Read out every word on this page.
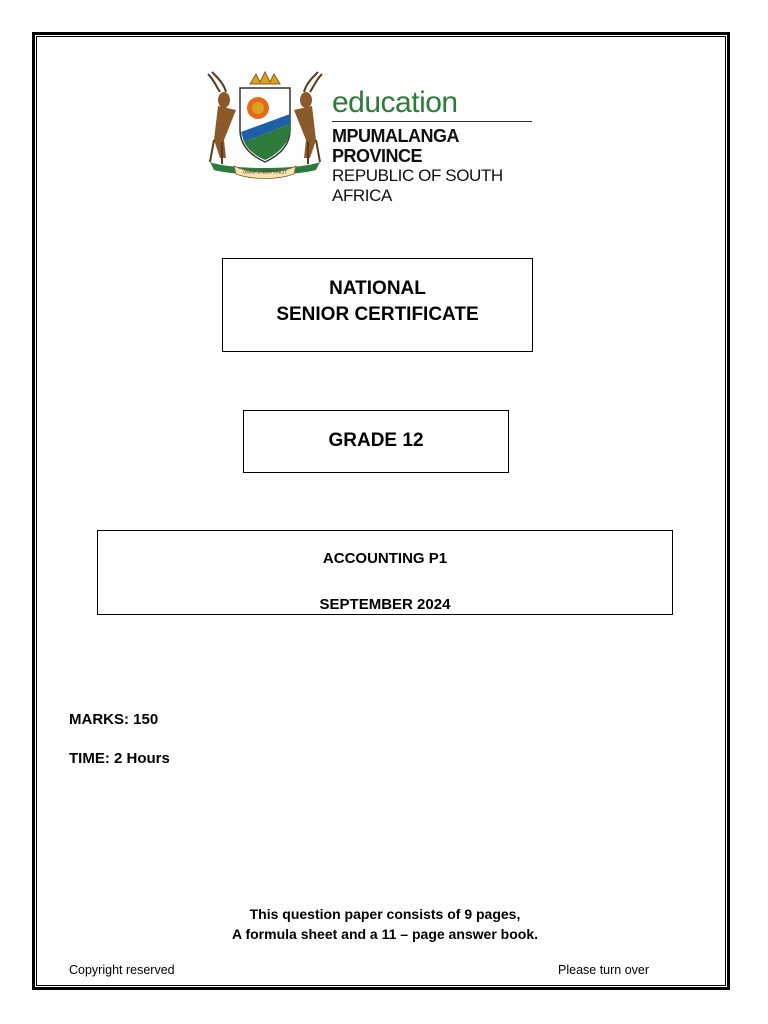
OMNIA LABOR VINCIT
education
MPUMALANGA PROVINCE
REPUBLIC OF SOUTH AFRICA
NATIONAL
SENIOR CERTIFICATE
GRADE 12
ACCOUNTING P1
SEPTEMBER 2024
MARKS: 150
TIME: 2 Hours
This question paper consists of 9 pages,
A formula sheet and a 11 – page answer book.
Copyright reserved	Please turn over
